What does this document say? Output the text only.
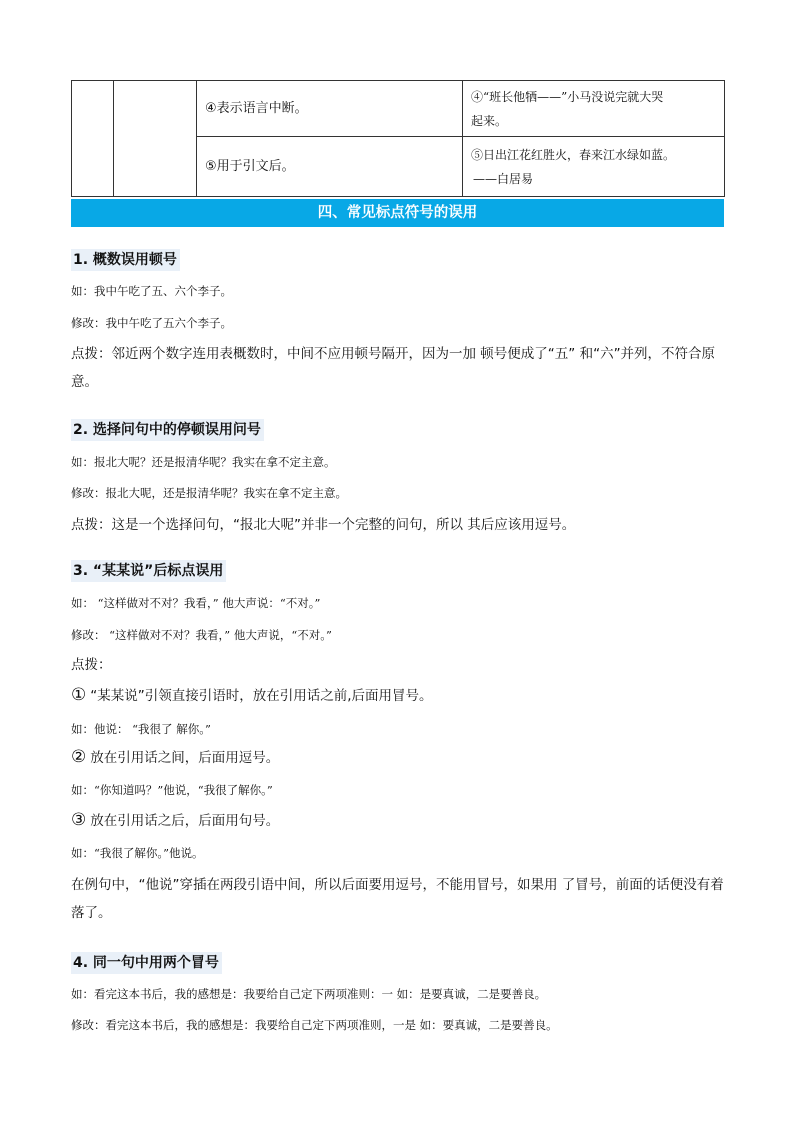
		④表示语言中断。	④“班长他牺——”小马没说完就大哭
起来。

		⑤用于引文后。	⑤日出江花红胜火，春来江水绿如蓝。
——白居易
四、常见标点符号的误用
1. 概数误用顿号
如：我中午吃了五、六个李子。
修改：我中午吃了五六个李子。
点拨：邻近两个数字连用表概数时，中间不应用顿号隔开，因为一加 顿号便成了“五” 和“六”并列，不符合原意。
2. 选择问句中的停顿误用问号
如：报北大呢？还是报清华呢？我实在拿不定主意。
修改：报北大呢，还是报清华呢？我实在拿不定主意。
点拨：这是一个选择问句，“报北大呢”并非一个完整的问句，所以 其后应该用逗号。
3. “某某说”后标点误用
如： “这样做对不对？我看，” 他大声说：“不对。”
修改： “这样做对不对？我看，” 他大声说，“不对。”
点拨：
① “某某说”引领直接引语时，放在引用话之前,后面用冒号。
如：他说： “我很了 解你。”
② 放在引用话之间，后面用逗号。
如：“你知道吗？”他说，“我很了解你。”
③ 放在引用话之后，后面用句号。
如：“我很了解你。”他说。
在例句中，“他说”穿插在两段引语中间，所以后面要用逗号，不能用冒号，如果用 了冒号，前面的话便没有着落了。
4. 同一句中用两个冒号
如：看完这本书后，我的感想是：我要给自己定下两项准则：一 如：是要真诚，二是要善良。
修改：看完这本书后，我的感想是：我要给自己定下两项准则，一是 如：要真诚，二是要善良。
